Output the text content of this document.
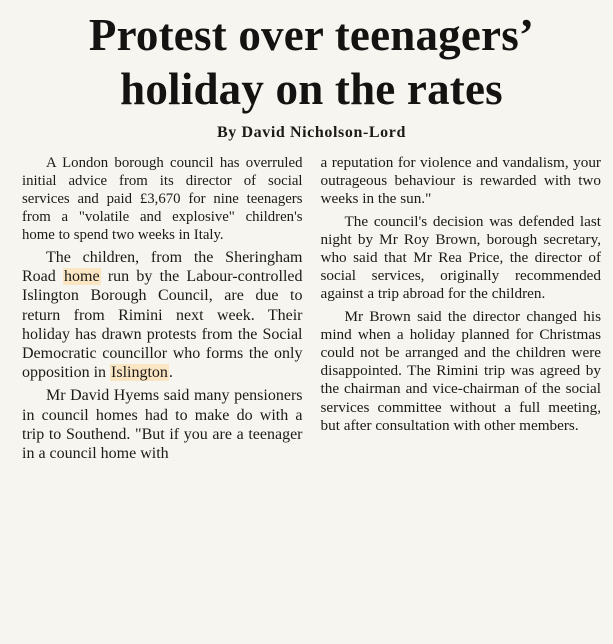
Protest over teenagers’
holiday on the rates
By David Nicholson-Lord

A London borough council has overruled initial advice from its director of social services and paid £3,670 for nine teenagers from a "volatile and explosive" children's home to spend two weeks in Italy.

The children, from the Sheringham Road home run by the Labour-controlled Islington Borough Council, are due to return from Rimini next week. Their holiday has drawn protests from the Social Democratic councillor who forms the only opposition in Islington.

Mr David Hyems said many pensioners in council homes had to make do with a trip to Southend. "But if you are a teenager in a council home with

a reputation for violence and vandalism, your outrageous behaviour is rewarded with two weeks in the sun."

The council's decision was defended last night by Mr Roy Brown, borough secretary, who said that Mr Rea Price, the director of social services, originally recommended against a trip abroad for the children.

Mr Brown said the director changed his mind when a holiday planned for Christmas could not be arranged and the children were disappointed. The Rimini trip was agreed by the chairman and vice-chairman of the social services committee without a full meeting, but after consultation with other members.
